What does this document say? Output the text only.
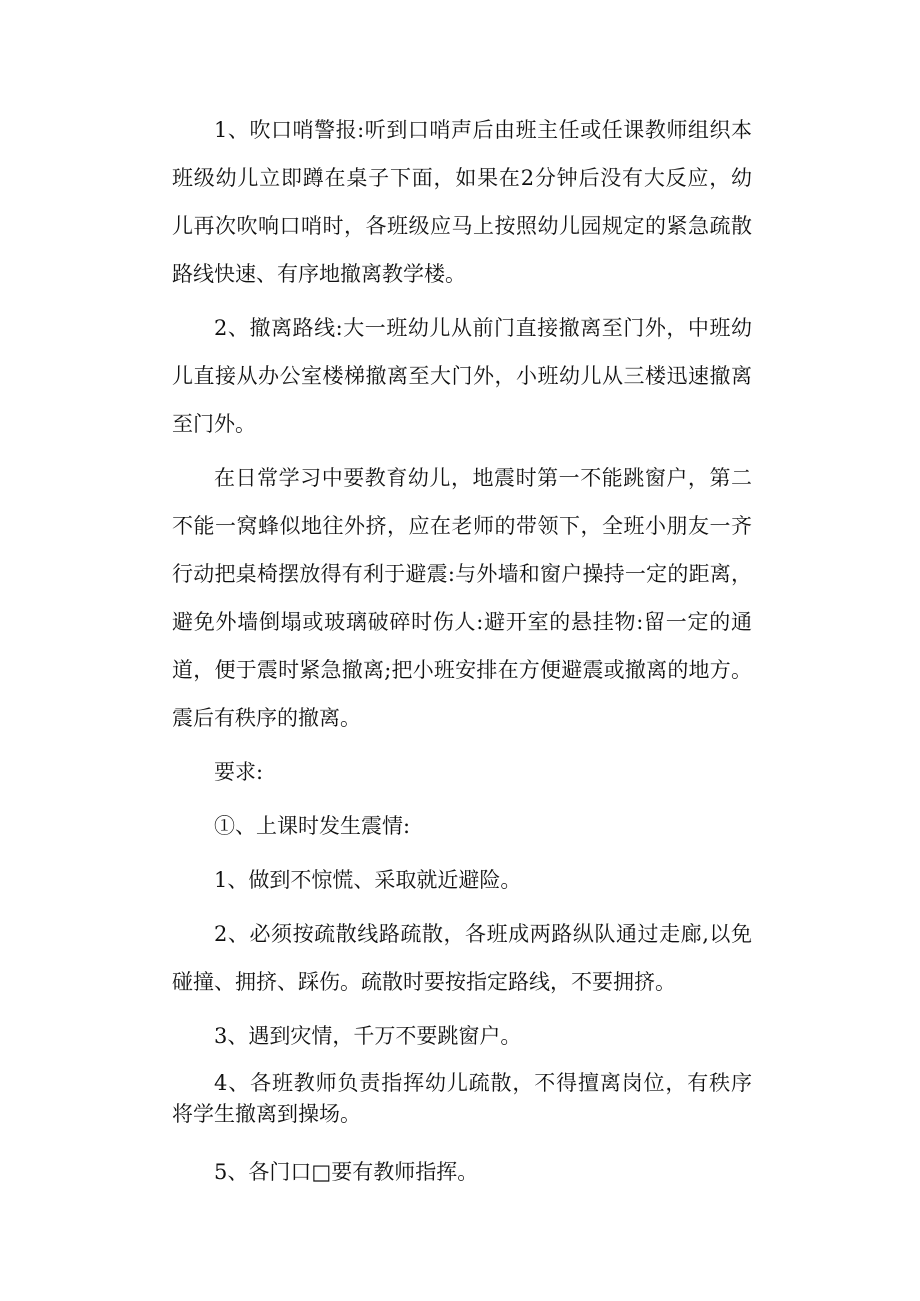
1、吹口哨警报:听到口哨声后由班主任或任课教师组织本班级幼儿立即蹲在桌子下面，如果在2分钟后没有大反应，幼儿再次吹响口哨时，各班级应马上按照幼儿园规定的紧急疏散路线快速、有序地撤离教学楼。

2、撤离路线:大一班幼儿从前门直接撤离至门外，中班幼儿直接从办公室楼梯撤离至大门外，小班幼儿从三楼迅速撤离至门外。

在日常学习中要教育幼儿，地震时第一不能跳窗户，第二不能一窝蜂似地往外挤，应在老师的带领下，全班小朋友一齐行动把桌椅摆放得有利于避震:与外墙和窗户操持一定的距离，避免外墙倒塌或玻璃破碎时伤人:避开室的悬挂物:留一定的通道，便于震时紧急撤离;把小班安排在方便避震或撤离的地方。震后有秩序的撤离。

要求:

①、上课时发生震情:

1、做到不惊慌、采取就近避险。

2、必须按疏散线路疏散，各班成两路纵队通过走廊,以免碰撞、拥挤、踩伤。疏散时要按指定路线，不要拥挤。

3、遇到灾情，千万不要跳窗户。

4、各班教师负责指挥幼儿疏散，不得擅离岗位，有秩序将学生撤离到操场。

5、各门口□要有教师指挥。
